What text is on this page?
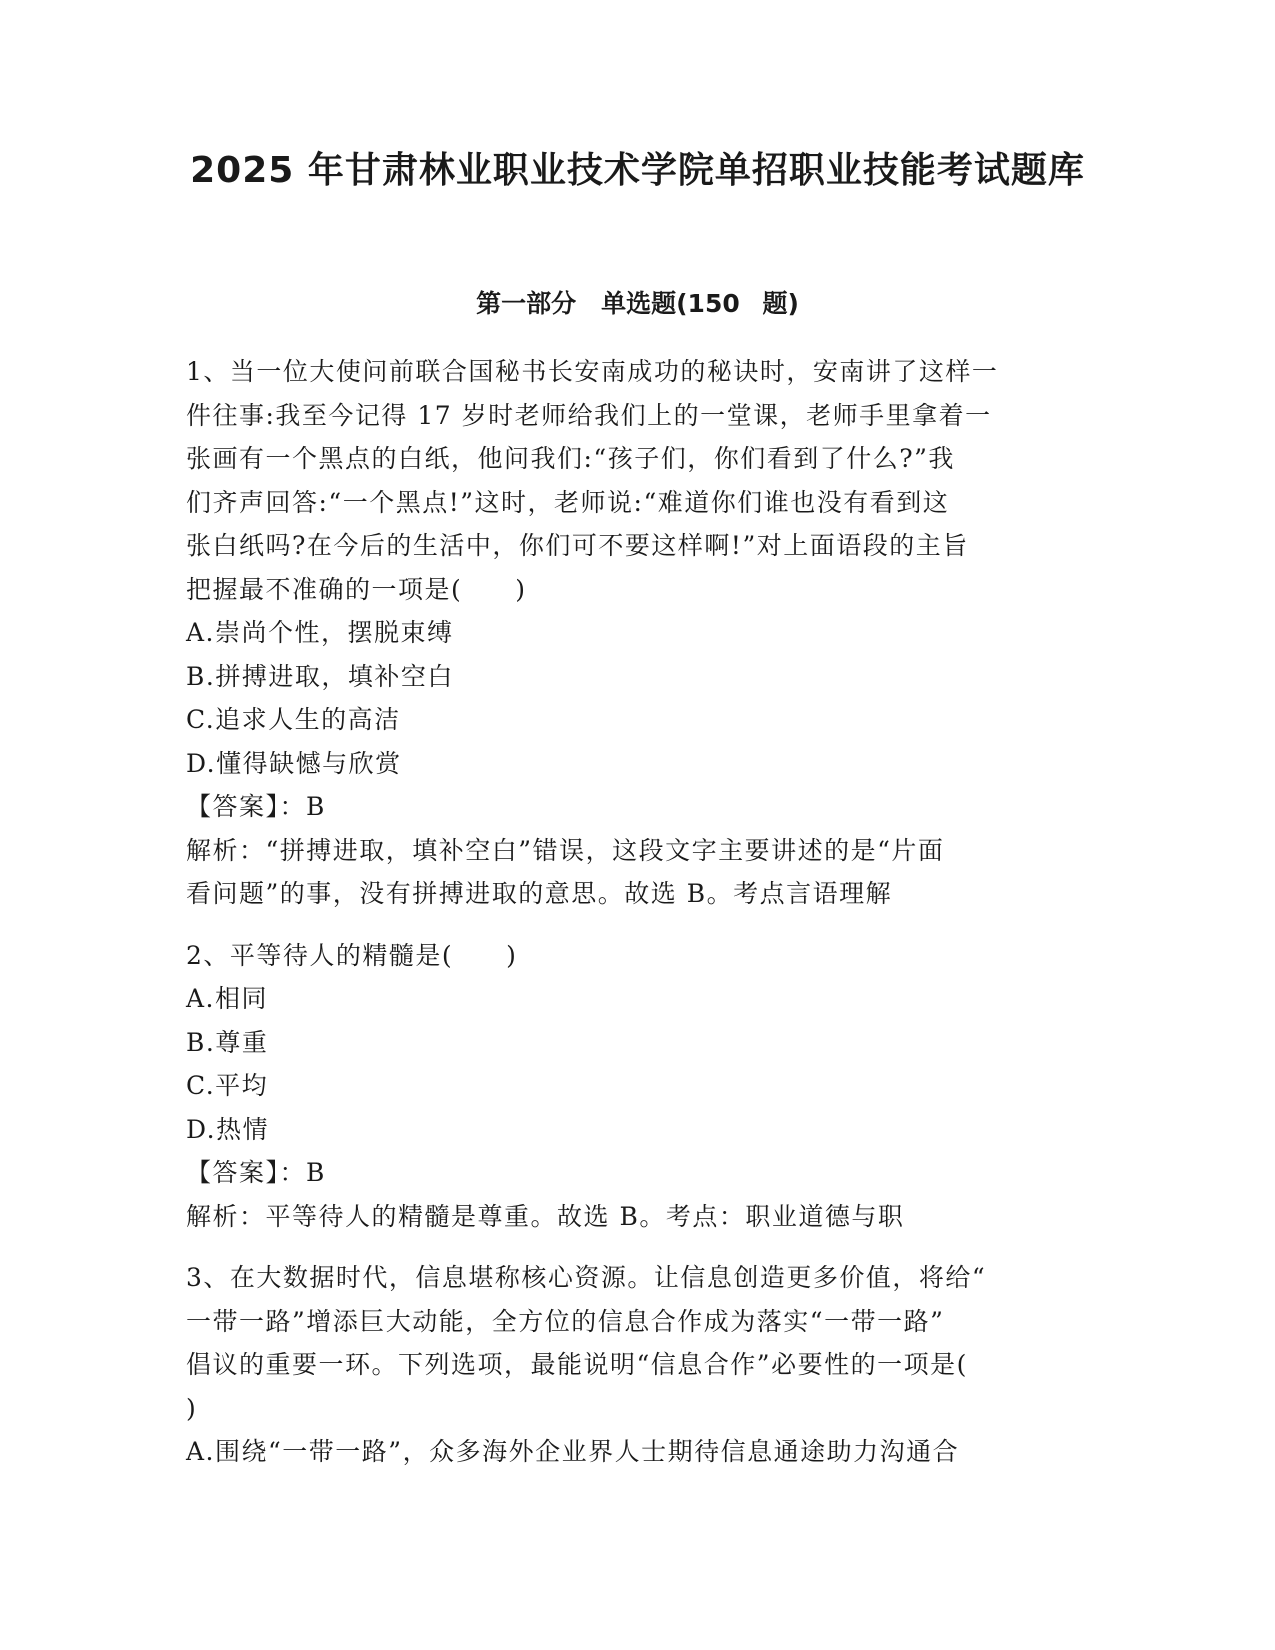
2025 年甘肃林业职业技术学院单招职业技能考试题库
第一部分　单选题(150 题)
1、当一位大使问前联合国秘书长安南成功的秘诀时，安南讲了这样一
件往事:我至今记得 17 岁时老师给我们上的一堂课，老师手里拿着一
张画有一个黑点的白纸，他问我们:“孩子们，你们看到了什么?”我
们齐声回答:“一个黑点!”这时，老师说:“难道你们谁也没有看到这
张白纸吗?在今后的生活中，你们可不要这样啊!”对上面语段的主旨
把握最不准确的一项是(　　)
A.崇尚个性，摆脱束缚
B.拼搏进取，填补空白
C.追求人生的高洁
D.懂得缺憾与欣赏
【答案】：B
解析：“拼搏进取，填补空白”错误，这段文字主要讲述的是“片面
看问题”的事，没有拼搏进取的意思。故选 B。考点言语理解
2、平等待人的精髓是(　　)
A.相同
B.尊重
C.平均
D.热情
【答案】：B
解析：平等待人的精髓是尊重。故选 B。考点：职业道德与职
3、在大数据时代，信息堪称核心资源。让信息创造更多价值，将给“
一带一路”增添巨大动能，全方位的信息合作成为落实“一带一路”
倡议的重要一环。下列选项，最能说明“信息合作”必要性的一项是(
)
A.围绕“一带一路”，众多海外企业界人士期待信息通途助力沟通合
